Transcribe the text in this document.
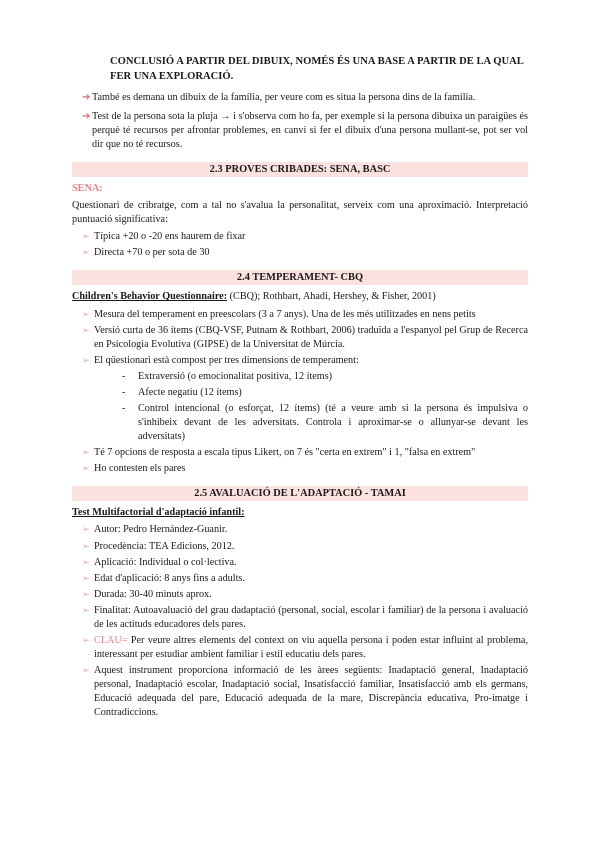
CONCLUSIÓ A PARTIR DEL DIBUIX, NOMÉS ÉS UNA BASE A PARTIR DE LA QUAL FER UNA EXPLORACIÓ.
➔ També es demana un dibuix de la família, per veure com es situa la persona dins de la família.
➔ Test de la persona sota la pluja → i s'observa com ho fa, per exemple si la persona dibuixa un paraigües és perquè té recursos per afrontar problemes, en canvi si fer el dibuix d'una persona mullant-se, pot ser vol dir que no té recursos.
2.3 PROVES CRIBADES: SENA, BASC
SENA:
Questionari de cribratge, com a tal no s'avalua la personalitat, serveix com una aproximació. Interpretació puntuació significativa:
➢ Típica +20 o -20 ens haurem de fixar
➢ Directa +70 o per sota de 30
2.4 TEMPERAMENT- CBQ
Children's Behavior Questionnaire: (CBQ); Rothbart, Ahadi, Hershey, & Fisher, 2001)
➢ Mesura del temperament en preescolars (3 a 7 anys). Una de les més utilitzades en nens petits
➢ Versió curta de 36 ítems (CBQ-VSF, Putnam & Rothbart, 2006) traduïda a l'espanyol pel Grup de Recerca en Psicologia Evolutiva (GIPSE) de la Universitat de Múrcia.
➢ El qüestionari està compost per tres dimensions de temperament:
-	Extraversió (o emocionalitat positiva, 12 ítems)
-	Afecte negatiu (12 ítems)
-	Control intencional (o esforçat, 12 ítems) (té a veure amb si la persona és impulsiva o s'inhibeix devant de les adversitats. Controla i aproximar-se o allunyar-se devant les adversitats)
➢ Té 7 opcions de resposta a escala tipus Likert, on 7 és "certa en extrem" i 1, "falsa en extrem"
➢ Ho contesten els pares
2.5 AVALUACIÓ DE L'ADAPTACIÓ - TAMAI
Test Multifactorial d'adaptació infantil:
➢ Autor: Pedro Hernández-Guanir.
➢ Procedència: TEA Edicions, 2012.
➢ Aplicació: Individual o col·lectiva.
➢ Edat d'aplicació: 8 anys fins a adults.
➢ Durada: 30-40 minuts aprox.
➢ Finalitat: Autoavaluació del grau dadaptació (personal, social, escolar i familiar) de la persona i avaluació de les actituds educadores dels pares.
➢ CLAU= Per veure altres elements del context on viu aquella persona i poden estar influint al problema, interessant per estudiar ambient familiar i estil educatiu dels pares.
➢ Aquest instrument proporciona informació de les àrees següents: Inadaptació general, Inadaptació personal, Inadaptació escolar, Inadaptació social, Insatisfacció familiar, Insatisfacció amb els germans, Educació adequada del pare, Educació adequada de la mare, Discrepància educativa, Pro-imatge i Contradiccions.
